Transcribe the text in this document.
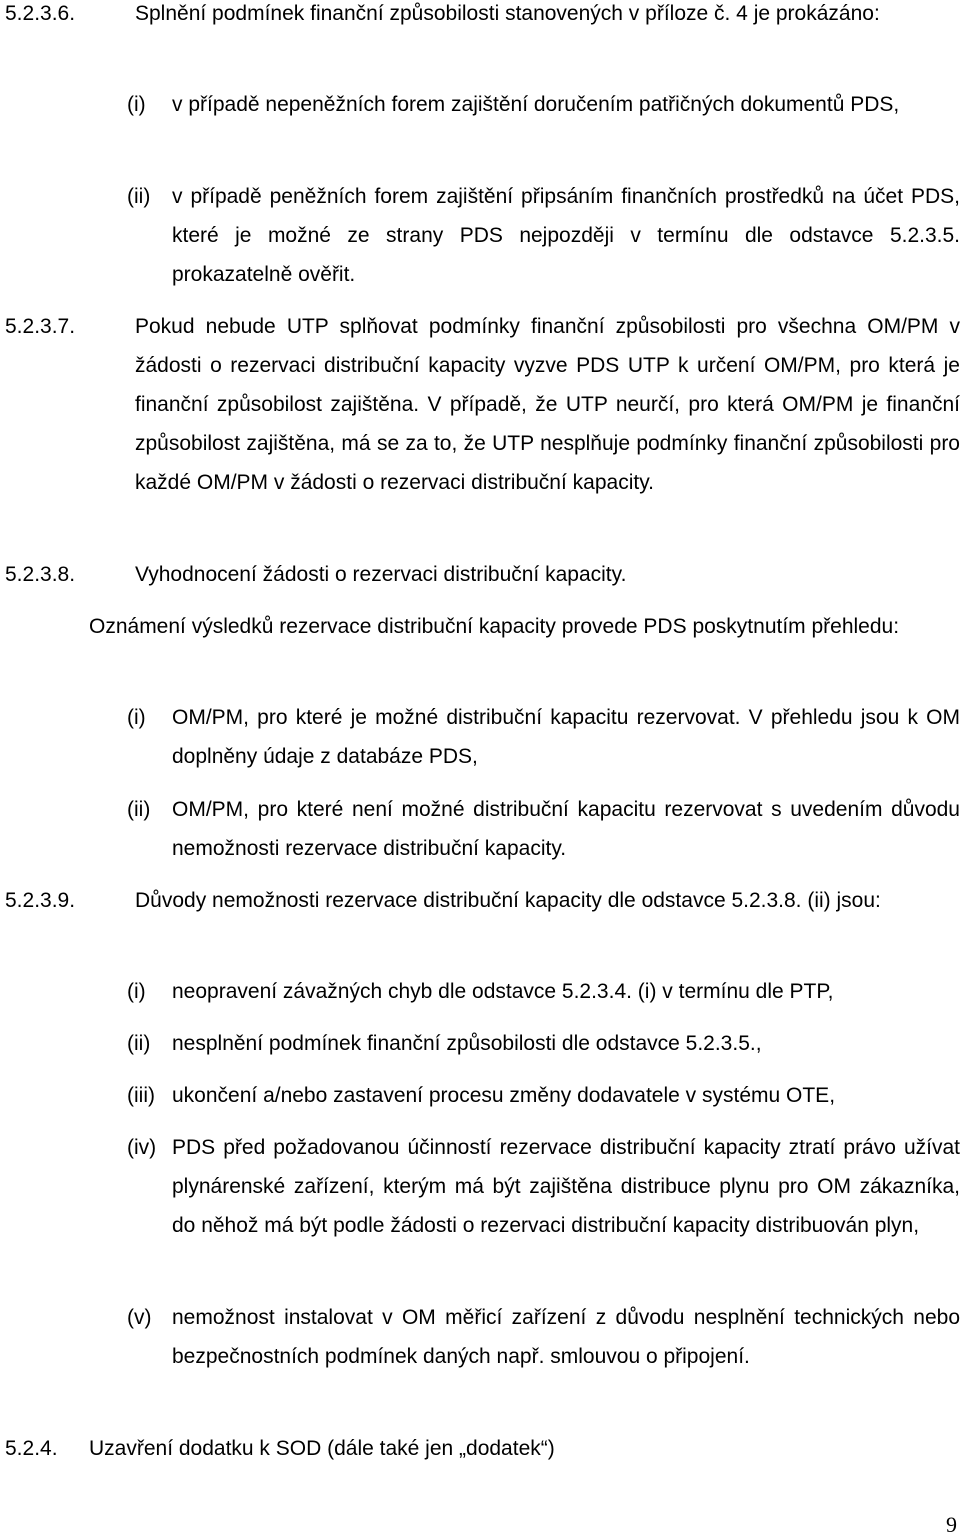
5.2.3.6.	Splnění podmínek finanční způsobilosti stanovených v příloze č. 4 je prokázáno:
(i) v případě nepeněžních forem zajištění doručením patřičných dokumentů PDS,
(ii) v případě peněžních forem zajištění připsáním finančních prostředků na účet PDS, které je možné ze strany PDS nejpozději v termínu dle odstavce 5.2.3.5. prokazatelně ověřit.
5.2.3.7.	Pokud nebude UTP splňovat podmínky finanční způsobilosti pro všechna OM/PM v žádosti o rezervaci distribuční kapacity vyzve PDS UTP k určení OM/PM, pro která je finanční způsobilost zajištěna. V případě, že UTP neurčí, pro která OM/PM je finanční způsobilost zajištěna, má se za to, že UTP nesplňuje podmínky finanční způsobilosti pro každé OM/PM v žádosti o rezervaci distribuční kapacity.
5.2.3.8.	Vyhodnocení žádosti o rezervaci distribuční kapacity.
Oznámení výsledků rezervace distribuční kapacity provede PDS poskytnutím přehledu:
(i) OM/PM, pro které je možné distribuční kapacitu rezervovat. V přehledu jsou k OM doplněny údaje z databáze PDS,
(ii) OM/PM, pro které není možné distribuční kapacitu rezervovat s uvedením důvodu nemožnosti rezervace distribuční kapacity.
5.2.3.9.	Důvody nemožnosti rezervace distribuční kapacity dle odstavce 5.2.3.8. (ii) jsou:
(i) neopravení závažných chyb dle odstavce 5.2.3.4. (i) v termínu dle PTP,
(ii) nesplnění podmínek finanční způsobilosti dle odstavce 5.2.3.5.,
(iii) ukončení a/nebo zastavení procesu změny dodavatele v systému OTE,
(iv) PDS před požadovanou účinností rezervace distribuční kapacity ztratí právo užívat plynárenské zařízení, kterým má být zajištěna distribuce plynu pro OM zákazníka, do něhož má být podle žádosti o rezervaci distribuční kapacity distribuován plyn,
(v) nemožnost instalovat v OM měřicí zařízení z důvodu nesplnění technických nebo bezpečnostních podmínek daných např. smlouvou o připojení.
5.2.4. Uzavření dodatku k SOD (dále také jen „dodatek“)
9
